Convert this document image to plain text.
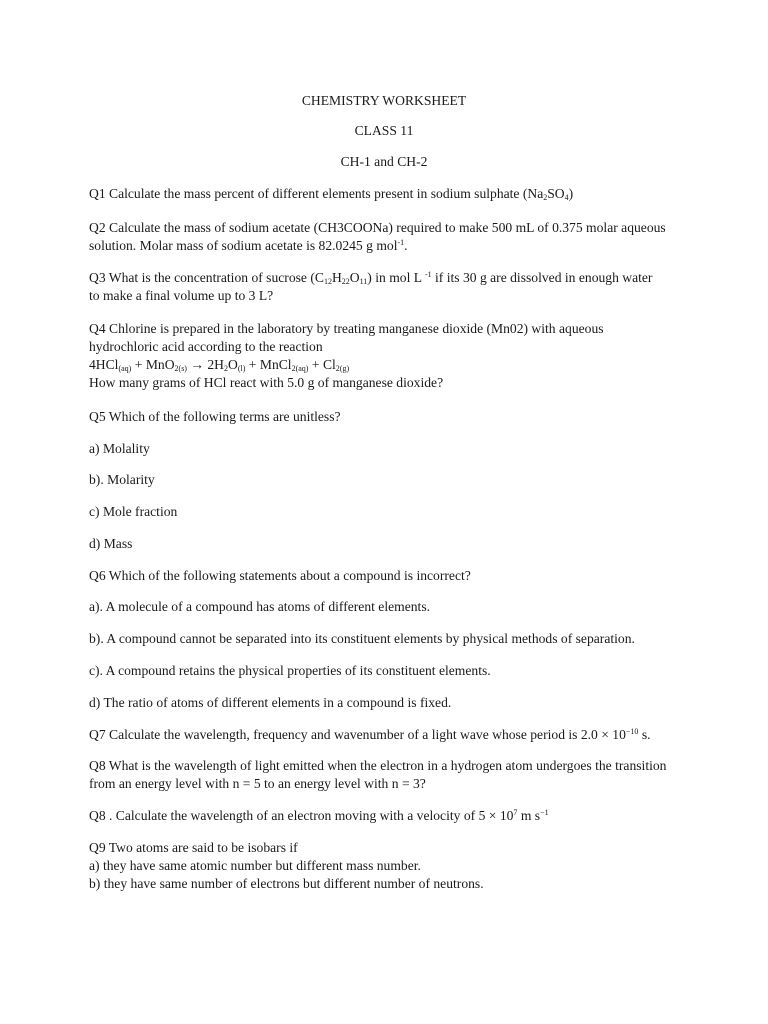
CHEMISTRY WORKSHEET
CLASS 11
CH-1 and CH-2
Q1 Calculate the mass percent of different elements present in sodium sulphate $(Na_2SO_4)$
Q2 Calculate the mass of sodium acetate (CH3COONa) required to make 500 mL of 0.375 molar aqueous
solution. Molar mass of sodium acetate is 82.0245 g mol$^{-1}$.
Q3 What is the concentration of sucrose $(C_{12}H_{22}O_{11})$ in mol L $^{-1}$ if its 30 g are dissolved in enough water
to make a final volume up to 3 L?
Q4 Chlorine is prepared in the laboratory by treating manganese dioxide (Mn02) with aqueous
hydrochloric acid according to the reaction
$4HCl_{(aq)} + MnO_{2(s)} \to 2H_2O_{(l)}$ + MnCl$_{2(aq)}$ + $Cl_{2(g)}$
How many grams of HCl react with 5.0 g of manganese dioxide?
Q5 Which of the following terms are unitless?
a) Molality
b). Molarity
c) Mole fraction
d) Mass
Q6 Which of the following statements about a compound is incorrect?
a). A molecule of a compound has atoms of different elements.
b). A compound cannot be separated into its constituent elements by physical methods of separation.
c). A compound retains the physical properties of its constituent elements.
d) The ratio of atoms of different elements in a compound is fixed.
Q7 Calculate the wavelength, frequency and wavenumber of a light wave whose period is $2.0 \times 10^{-10}$ s.
Q8 What is the wavelength of light emitted when the electron in a hydrogen atom undergoes the transition
from an energy level with n = 5 to an energy level with n = 3?
Q8 . Calculate the wavelength of an electron moving with a velocity of $5 \times 10^7$ m $s^{-1}$
Q9 Two atoms are said to be isobars if
a) they have same atomic number but different mass number.
b) they have same number of electrons but different number of neutrons.
